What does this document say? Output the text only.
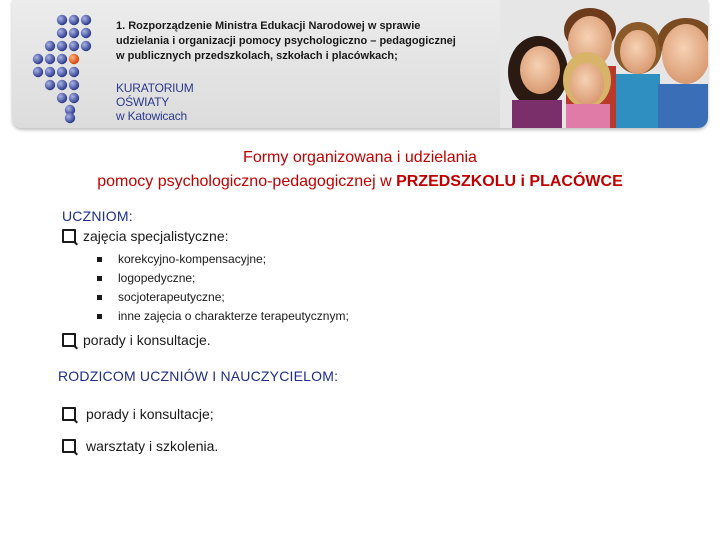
1. Rozporządzenie Ministra Edukacji Narodowej w sprawie
udzielania i organizacji pomocy psychologiczno – pedagogicznej
w publicznych przedszkolach, szkołach i placówkach;
KURATORIUM
OŚWIATY
w Katowicach
Formy organizowana i udzielania
pomocy psychologiczno-pedagogicznej w PRZEDSZKOLU i PLACÓWCE
UCZNIOM:
zajęcia specjalistyczne:
korekcyjno-kompensacyjne;
logopedyczne;
socjoterapeutyczne;
inne zajęcia o charakterze terapeutycznym;
porady i konsultacje.
RODZICOM UCZNIÓW I NAUCZYCIELOM:
porady i konsultacje;
warsztaty i szkolenia.
